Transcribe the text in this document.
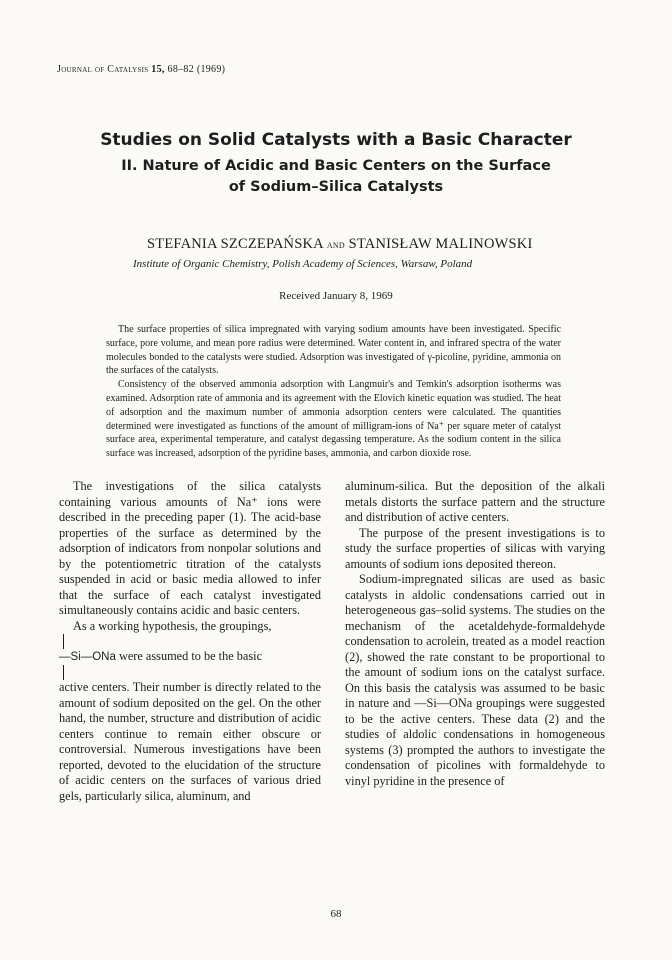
Journal of Catalysis 15, 68–82 (1969)
Studies on Solid Catalysts with a Basic Character
II. Nature of Acidic and Basic Centers on the Surface
of Sodium–Silica Catalysts
STEFANIA SZCZEPAŃSKA and STANISŁAW MALINOWSKI
Institute of Organic Chemistry, Polish Academy of Sciences, Warsaw, Poland
Received January 8, 1969

The surface properties of silica impregnated with varying sodium amounts have been investigated. Specific surface, pore volume, and mean pore radius were determined. Water content in, and infrared spectra of the water molecules bonded to the catalysts were studied. Adsorption was investigated of γ-picoline, pyridine, ammonia on the surfaces of the catalysts.

Consistency of the observed ammonia adsorption with Langmuir's and Temkin's adsorption isotherms was examined. Adsorption rate of ammonia and its agreement with the Elovich kinetic equation was studied. The heat of adsorption and the maximum number of ammonia adsorption centers were calculated. The quantities determined were investigated as functions of the amount of milligram-ions of Na⁺ per square meter of catalyst surface area, experimental temperature, and catalyst degassing temperature. As the sodium content in the silica surface was increased, adsorption of the pyridine bases, ammonia, and carbon dioxide rose.

The investigations of the silica catalysts containing various amounts of Na⁺ ions were described in the preceding paper (1). The acid-base properties of the surface as determined by the adsorption of indicators from nonpolar solutions and by the potentiometric titration of the catalysts suspended in acid or basic media allowed to infer that the surface of each catalyst investigated simultaneously contains acidic and basic centers.

As a working hypothesis, the groupings,

—Si—ONa were assumed to be the basic

active centers. Their number is directly related to the amount of sodium deposited on the gel. On the other hand, the number, structure and distribution of acidic centers continue to remain either obscure or controversial. Numerous investigations have been reported, devoted to the elucidation of the structure of acidic centers on the surfaces of various dried gels, particularly silica, aluminum, and

aluminum-silica. But the deposition of the alkali metals distorts the surface pattern and the structure and distribution of active centers.

The purpose of the present investigations is to study the surface properties of silicas with varying amounts of sodium ions deposited thereon.

Sodium-impregnated silicas are used as basic catalysts in aldolic condensations carried out in heterogeneous gas–solid systems. The studies on the mechanism of the acetaldehyde-formaldehyde condensation to acrolein, treated as a model reaction (2), showed the rate constant to be proportional to the amount of sodium ions on the catalyst surface. On this basis the catalysis was assumed to be basic in nature and —Si—ONa groupings were suggested to be the active centers. These data (2) and the studies of aldolic condensations in homogeneous systems (3) prompted the authors to investigate the condensation of picolines with formaldehyde to vinyl pyridine in the presence of

68
